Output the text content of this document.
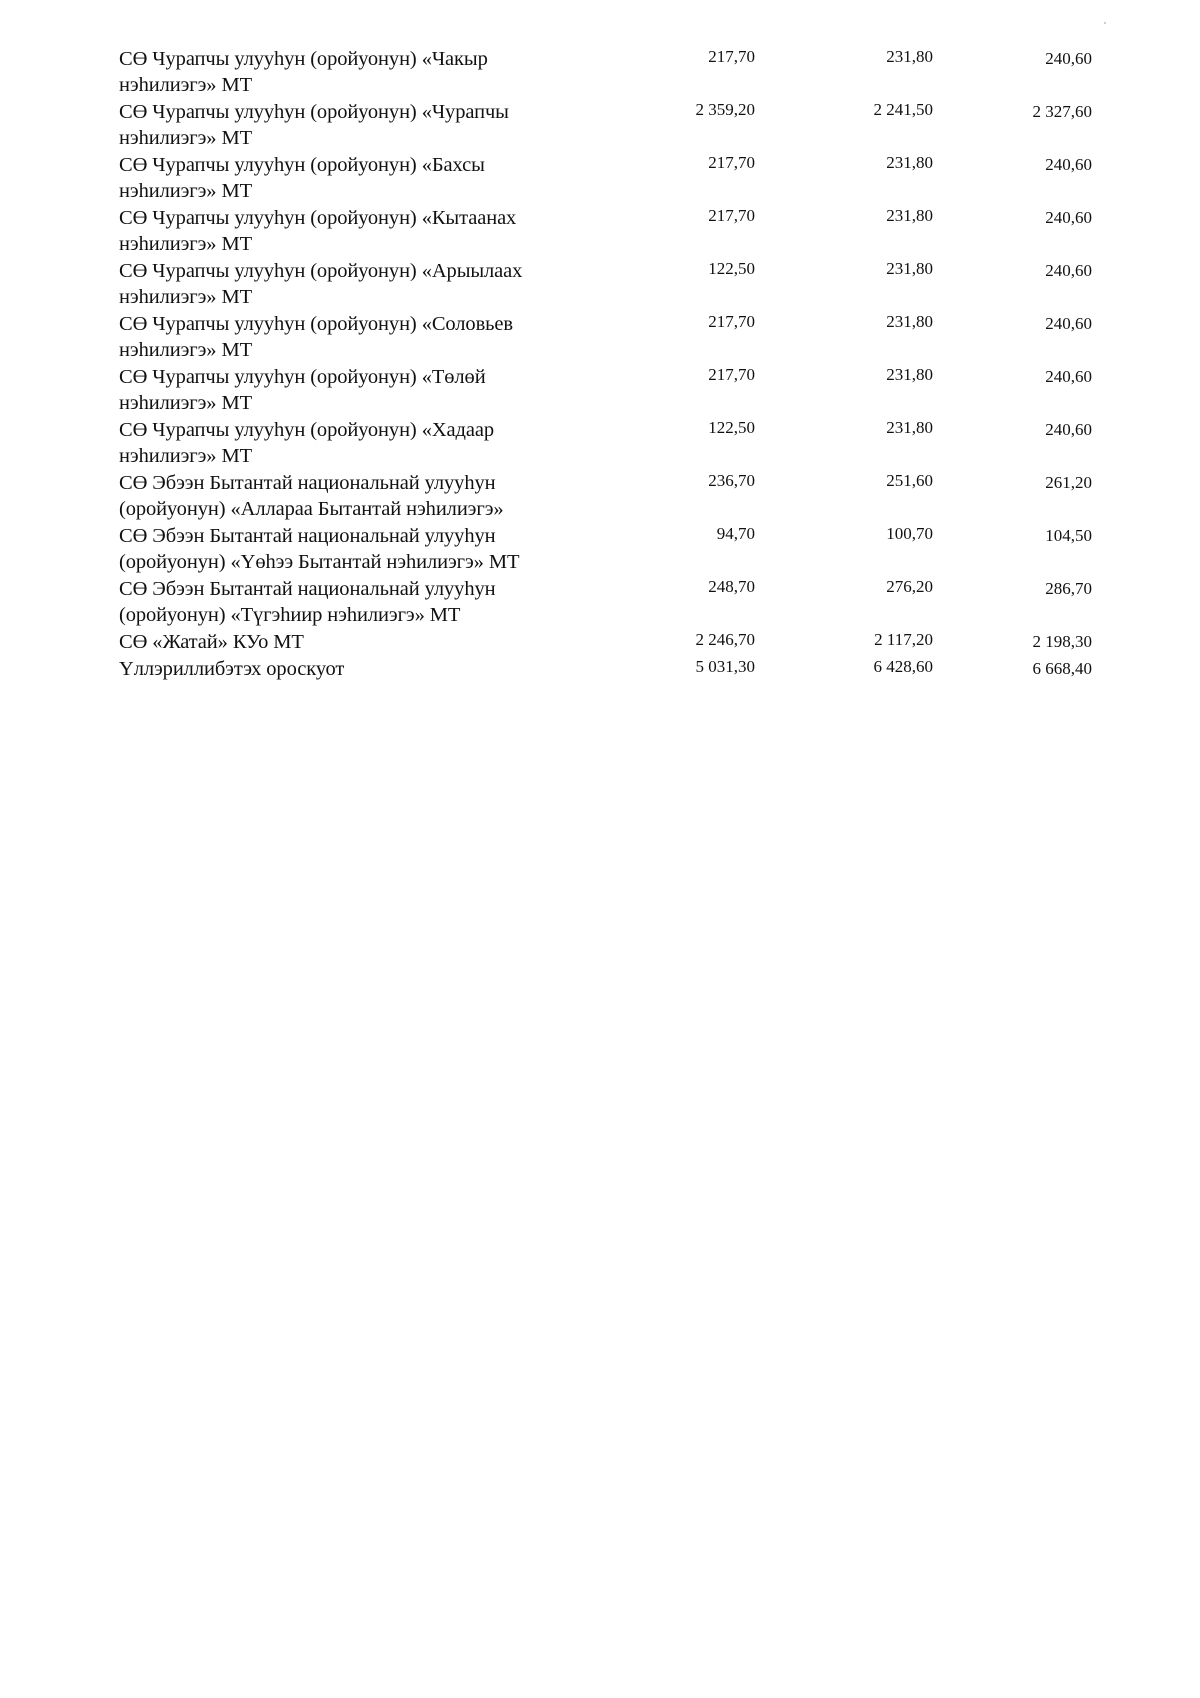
СӨ Чурапчы улууһун (оройуонун) «Чакыр
нэһилиэгэ» МТ
217,70	231,80	240,60
СӨ Чурапчы улууһун (оройуонун) «Чурапчы
нэһилиэгэ» МТ
2 359,20	2 241,50	2 327,60
СӨ Чурапчы улууһун (оройуонун) «Бахсы
нэһилиэгэ» МТ
217,70	231,80	240,60
СӨ Чурапчы улууһун (оройуонун) «Кытаанах
нэһилиэгэ» МТ
217,70	231,80	240,60
СӨ Чурапчы улууһун (оройуонун) «Арыылаах
нэһилиэгэ» МТ
122,50	231,80	240,60
СӨ Чурапчы улууһун (оройуонун) «Соловьев
нэһилиэгэ» МТ
217,70	231,80	240,60
СӨ Чурапчы улууһун (оройуонун) «Төлөй
нэһилиэгэ» МТ
217,70	231,80	240,60
СӨ Чурапчы улууһун (оройуонун) «Хадаар
нэһилиэгэ» МТ
122,50	231,80	240,60
СӨ Эбээн Бытантай национальнай улууһун
(оройуонун) «Аллараа Бытантай нэһилиэгэ»
236,70	251,60	261,20
СӨ Эбээн Бытантай национальнай улууһун
(оройуонун) «Үөһээ Бытантай нэһилиэгэ» МТ
94,70	100,70	104,50
СӨ Эбээн Бытантай национальнай улууһун
(оройуонун) «Түгэһиир нэһилиэгэ» МТ
248,70	276,20	286,70
СӨ «Жатай» КУо МТ	2 246,70	2 117,20	2 198,30
Үллэриллибэтэх ороскуот	5 031,30	6 428,60	6 668,40
